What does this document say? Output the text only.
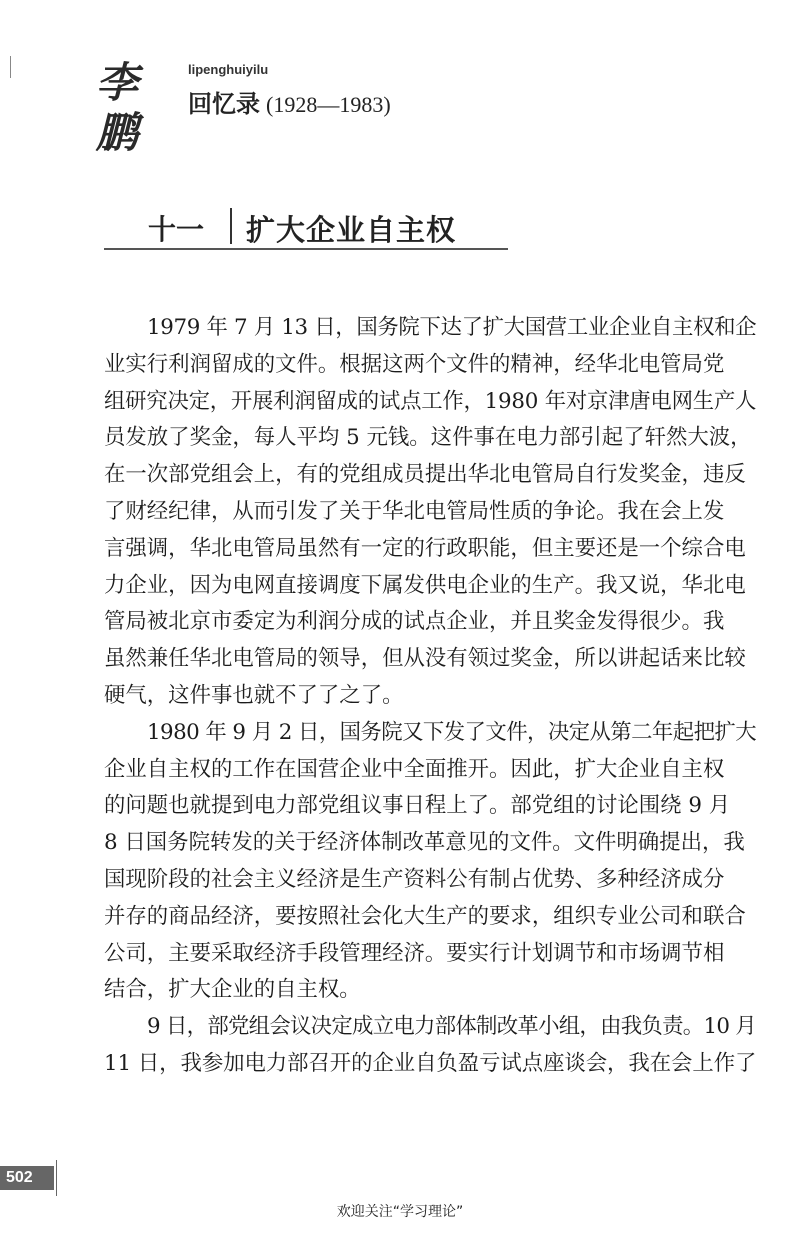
李鹏
lipenghuiyilu
回忆录 (1928—1983)
十一 扩大企业自主权
1979 年 7 月 13 日，国务院下达了扩大国营工业企业自主权和企
业实行利润留成的文件。根据这两个文件的精神，经华北电管局党
组研究决定，开展利润留成的试点工作，1980 年对京津唐电网生产人
员发放了奖金，每人平均 5 元钱。这件事在电力部引起了轩然大波，
在一次部党组会上，有的党组成员提出华北电管局自行发奖金，违反
了财经纪律，从而引发了关于华北电管局性质的争论。我在会上发
言强调，华北电管局虽然有一定的行政职能，但主要还是一个综合电
力企业，因为电网直接调度下属发供电企业的生产。我又说，华北电
管局被北京市委定为利润分成的试点企业，并且奖金发得很少。我
虽然兼任华北电管局的领导，但从没有领过奖金，所以讲起话来比较
硬气，这件事也就不了了之了。
1980 年 9 月 2 日，国务院又下发了文件，决定从第二年起把扩大
企业自主权的工作在国营企业中全面推开。因此，扩大企业自主权
的问题也就提到电力部党组议事日程上了。部党组的讨论围绕 9 月
8 日国务院转发的关于经济体制改革意见的文件。文件明确提出，我
国现阶段的社会主义经济是生产资料公有制占优势、多种经济成分
并存的商品经济，要按照社会化大生产的要求，组织专业公司和联合
公司，主要采取经济手段管理经济。要实行计划调节和市场调节相
结合，扩大企业的自主权。
9 日，部党组会议决定成立电力部体制改革小组，由我负责。10 月
11 日，我参加电力部召开的企业自负盈亏试点座谈会，我在会上作了
502
欢迎关注“学习理论”
